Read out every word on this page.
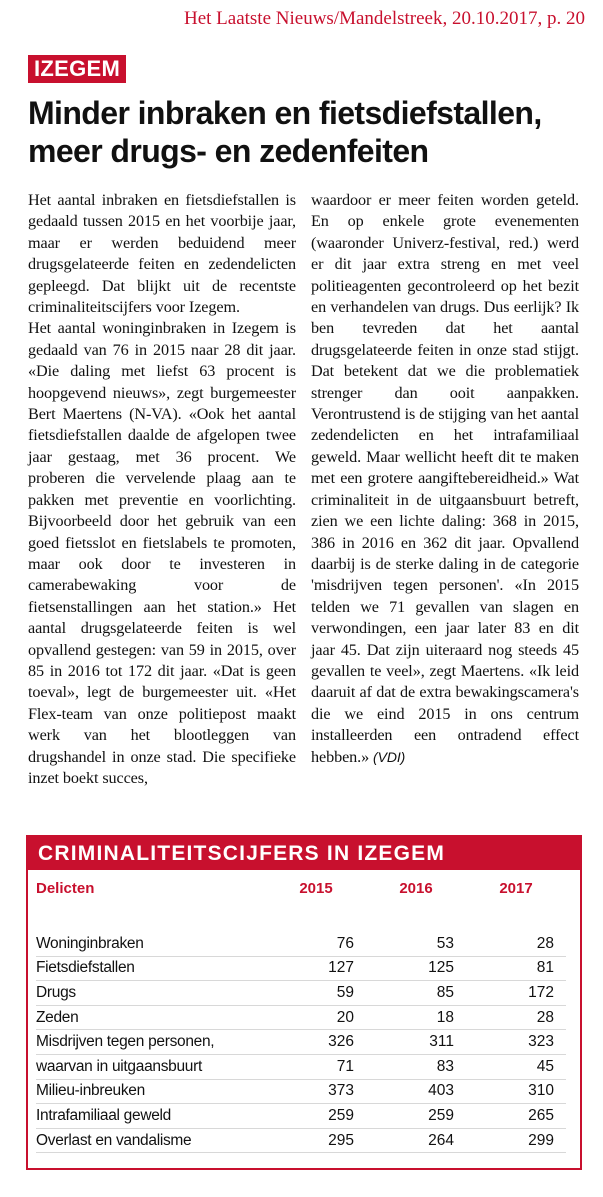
Het Laatste Nieuws/Mandelstreek, 20.10.2017, p. 20
IZEGEM
Minder inbraken en fietsdiefstallen, meer drugs- en zedenfeiten

Het aantal inbraken en fietsdiefstallen is gedaald tussen 2015 en het voorbije jaar, maar er werden beduidend meer drugsgelateerde feiten en zedendelicten gepleegd. Dat blijkt uit de recentste criminaliteitscijfers voor Izegem.

Het aantal woninginbraken in Izegem is gedaald van 76 in 2015 naar 28 dit jaar. «Die daling met liefst 63 procent is hoopgevend nieuws», zegt burgemeester Bert Maertens (N-VA). «Ook het aantal fietsdiefstallen daalde de afgelopen twee jaar gestaag, met 36 procent. We proberen die vervelende plaag aan te pakken met preventie en voorlichting. Bijvoorbeeld door het gebruik van een goed fietsslot en fietslabels te promoten, maar ook door te investeren in camerabewaking voor de fietsenstallingen aan het station.» Het aantal drugsgelateerde feiten is wel opvallend gestegen: van 59 in 2015, over 85 in 2016 tot 172 dit jaar. «Dat is geen toeval», legt de burgemeester uit. «Het Flex-team van onze politiepost maakt werk van het blootleggen van drugshandel in onze stad. Die specifieke inzet boekt succes,

waardoor er meer feiten worden geteld. En op enkele grote evenementen (waaronder Univerz-festival, red.) werd er dit jaar extra streng en met veel politieagenten gecontroleerd op het bezit en verhandelen van drugs. Dus eerlijk? Ik ben tevreden dat het aantal drugsgelateerde feiten in onze stad stijgt. Dat betekent dat we die problematiek strenger dan ooit aanpakken. Verontrustend is de stijging van het aantal zedendelicten en het intrafamiliaal geweld. Maar wellicht heeft dit te maken met een grotere aangiftebereidheid.» Wat criminaliteit in de uitgaansbuurt betreft, zien we een lichte daling: 368 in 2015, 386 in 2016 en 362 dit jaar. Opvallend daarbij is de sterke daling in de categorie 'misdrijven tegen personen'. «In 2015 telden we 71 gevallen van slagen en verwondingen, een jaar later 83 en dit jaar 45. Dat zijn uiteraard nog steeds 45 gevallen te veel», zegt Maertens. «Ik leid daaruit af dat de extra bewakingscamera's die we eind 2015 in ons centrum installeerden een ontradend effect hebben.» (VDI)

CRIMINALITEITSCIJFERS IN IZEGEM
Delicten	2015	2016	2017

Woninginbraken	76	53	28
Fietsdiefstallen	127	125	81
Drugs	59	85	172
Zeden	20	18	28
Misdrijven tegen personen,	326	311	323
waarvan in uitgaansbuurt	71	83	45
Milieu-inbreuken	373	403	310
Intrafamiliaal geweld	259	259	265
Overlast en vandalisme	295	264	299
